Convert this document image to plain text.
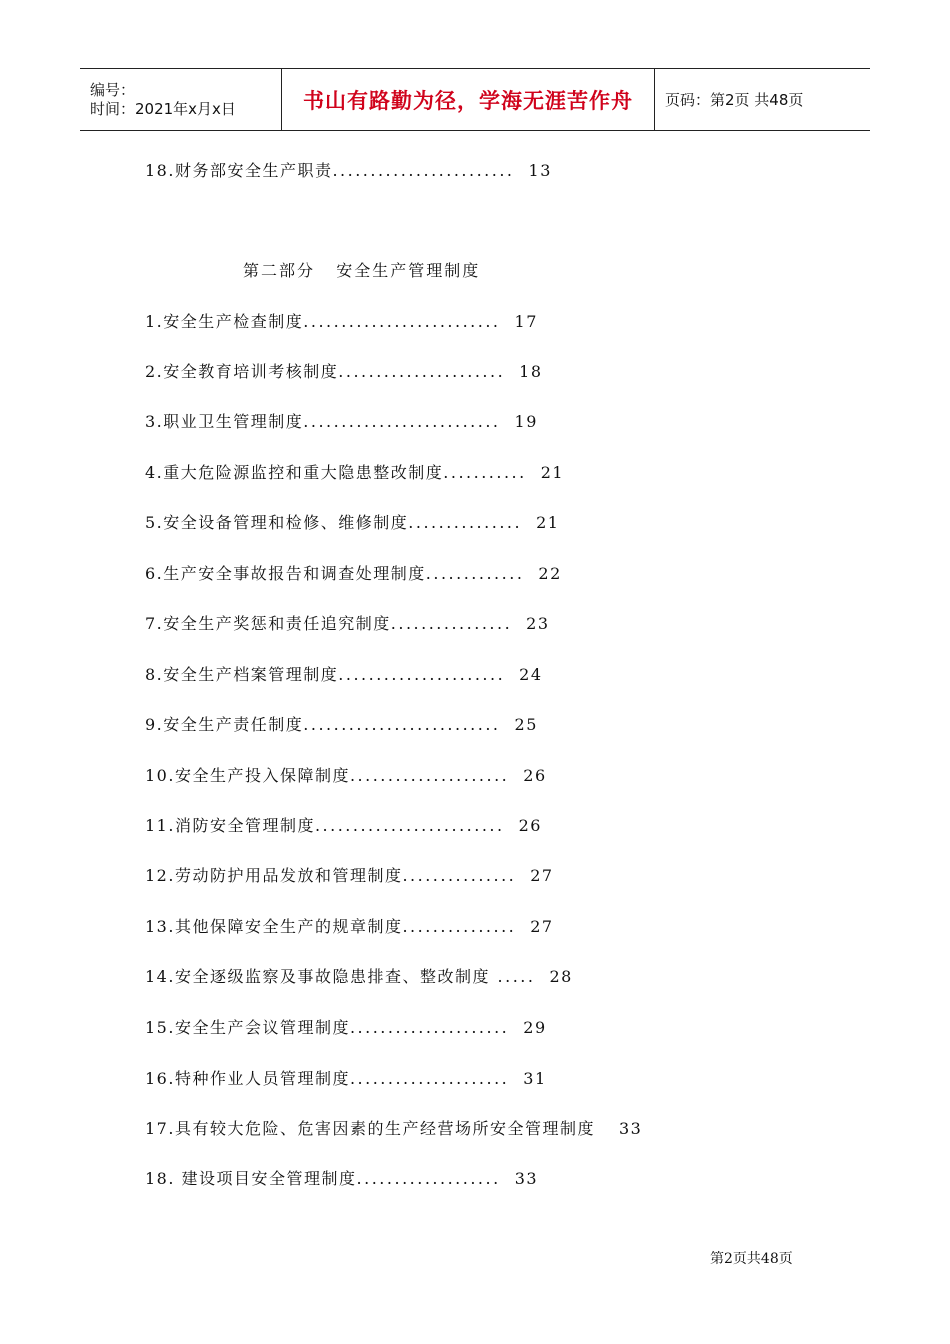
编号：
时间：2021年x月x日	书山有路勤为径，学海无涯苦作舟	页码：第2页 共48页
第二部分   安全生产管理制度
18.财务部安全生产职责........................ 13
1.安全生产检查制度.......................... 17
2.安全教育培训考核制度...................... 18
3.职业卫生管理制度.......................... 19
4.重大危险源监控和重大隐患整改制度........... 21
5.安全设备管理和检修、维修制度............... 21
6.生产安全事故报告和调查处理制度............. 22
7.安全生产奖惩和责任追究制度................ 23
8.安全生产档案管理制度...................... 24
9.安全生产责任制度.......................... 25
10.安全生产投入保障制度..................... 26
11.消防安全管理制度......................... 26
12.劳动防护用品发放和管理制度............... 27
13.其他保障安全生产的规章制度............... 27
14.安全逐级监察及事故隐患排查、整改制度 ..... 28
15.安全生产会议管理制度..................... 29
16.特种作业人员管理制度..................... 31
17.具有较大危险、危害因素的生产经营场所安全管理制度 33
18. 建设项目安全管理制度................... 33
第2页共48页
